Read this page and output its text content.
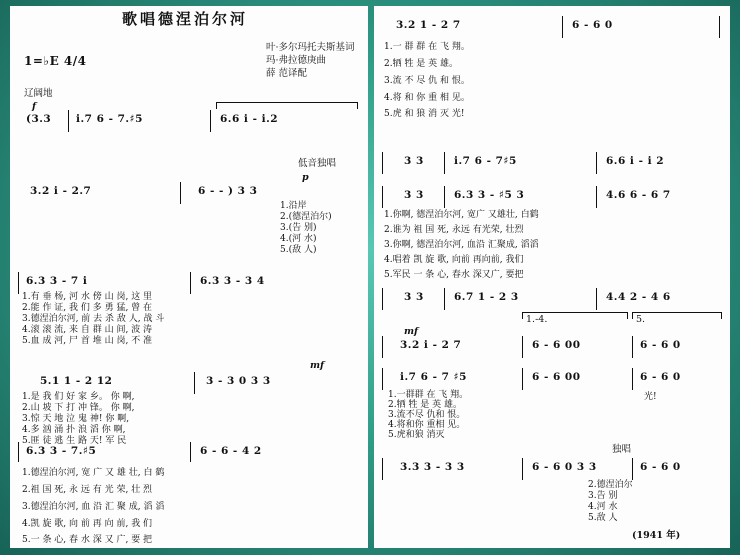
歌唱德涅泊尔河
1=♭E 4/4
叶·多尔玛托夫斯基词
玛·弗拉德庚曲
薛 范译配
辽阔地
f
(3.3 i.7 6 - 7.♯5	6.6 i - i.2
低音独唱
p
3.2 i - 2.7	6 - - ) 3 3
1.沿岸
2.(德涅泊尔)
3.(告 别)
4.(河 水)
5.(敌 人)
6.3 3 - 7 i	6.3 3 - 3 4
1.有 垂 杨, 河 水 傍 山 岗, 这 里
2.能 作 证, 我 们 多 勇 猛, 曾 在
3.德涅泊尔河, 前 去 杀 敌 人, 战 斗
4.滚 滚 流, 来 自 群 山 间, 波 涛
5.血 成 河, 尸 首 堆 山 岗, 不 准
mf
5.1 1 - 2 12	3 - 3 0 3 3
1.是 我 们 好 家 乡。 你 啊,
2.山 坡 下 打 冲 锋。 你 啊,
3.惊 天 地 泣 鬼 神! 你 啊,
4.多 汹 涌 扑 浪 滔 你 啊,
5.匪 徒 逃 生 路 天! 军 民
6.3 3 - 7.♯5	6 - 6 - 4 2
1.德涅泊尔河, 宽 广 又 雄 壮, 白 鹤
2.祖 国 死, 永 远 有 光 荣, 壮 烈
3.德涅泊尔河, 血 沿 汇 聚 成, 滔 滔
4.凯 旋 歌, 向 前 再 向 前, 我 们
5.一 条 心, 春 水 深 又 广, 要 把
3.2 1 - 2 7	6 - 6 0
1.一 群 群 在 飞 翔。
2.牺 牲 是 英 雄。
3.流 不 尽 仇 和 恨。
4.将 和 你 重 相 见。
5.虎 和 狼 消 灭 光!
3 3	i.7 6 - 7♯5	6.6 i - i 2
3 3	6.3 3 - ♯5 3	4.6 6 - 6 7
1.你啊, 德涅泊尔河, 宽广 又雄壮, 白鹤
2.谁为 祖 国 死, 永远 有光荣, 壮烈
3.你啊, 德涅泊尔河, 血沿 汇聚成, 滔滔
4.唱着 凯 旋 歌, 向前 再向前, 我们
5.军民 一 条 心, 春水 深又广, 要把
3 3	6.7 1 - 2 3	4.4 2 - 4 6
1.-4.	5.
mf
3.2 i - 2 7	6 - 6 00	6 - 6 0
i.7 6 - 7 ♯5	6 - 6 00	6 - 6 0
1.一群群 在 飞 翔。
2.牺 牲 是 英 雄。
3.流不尽 仇和 恨。
4.将和你 重相 见。
5.虎和狼 消灭
光!
独唱
3.3 3 - 3 3	6 - 6 0 3 3	6 - 6 0
2.德涅泊尔
3.告 别
4.河 水
5.敌 人
(1941 年)
